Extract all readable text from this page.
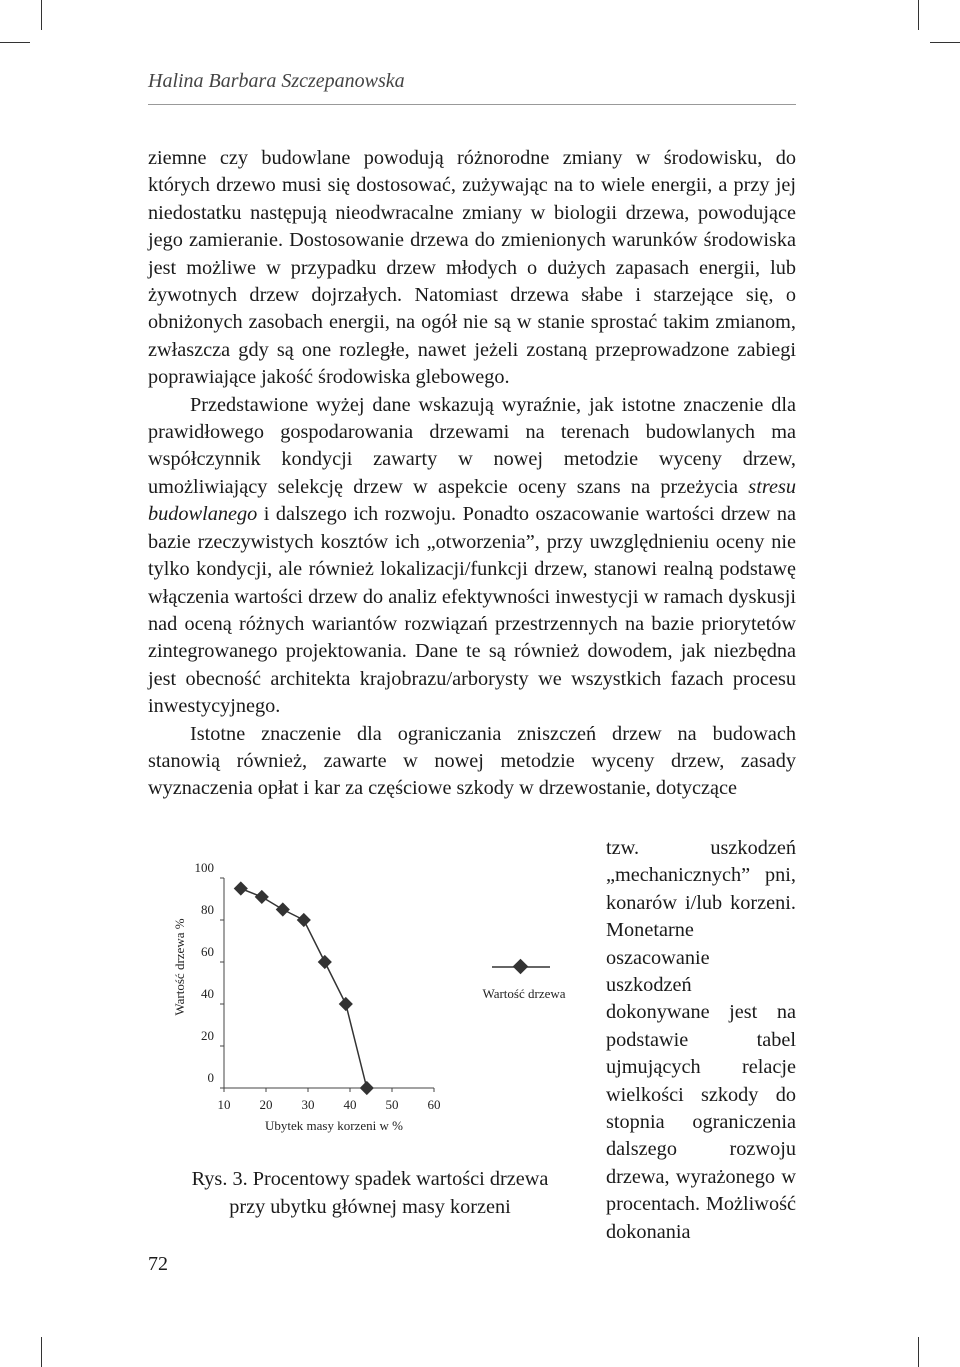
Halina Barbara Szczepanowska

ziemne czy budowlane powodują różnorodne zmiany w środowisku, do których drzewo musi się dostosować, zużywając na to wiele energii, a przy jej niedostatku następują nieodwracalne zmiany w biologii drzewa, powodujące jego zamieranie. Dostosowanie drzewa do zmienionych warunków środowiska jest możliwe w przypadku drzew młodych o dużych zapasach energii, lub żywotnych drzew dojrzałych. Natomiast drzewa słabe i starzejące się, o obniżonych zasobach energii, na ogół nie są w stanie sprostać takim zmianom, zwłaszcza gdy są one rozległe, nawet jeżeli zostaną przeprowadzone zabiegi poprawiające jakość środowiska glebowego.

Przedstawione wyżej dane wskazują wyraźnie, jak istotne znaczenie dla prawidłowego gospodarowania drzewami na terenach budowlanych ma współczynnik kondycji zawarty w nowej metodzie wyceny drzew, umożliwiający selekcję drzew w aspekcie oceny szans na przeżycia stresu budowlanego i dalszego ich rozwoju. Ponadto oszacowanie wartości drzew na bazie rzeczywistych kosztów ich „otworzenia”, przy uwzględnieniu oceny nie tylko kondycji, ale również lokalizacji/funkcji drzew, stanowi realną podstawę włączenia wartości drzew do analiz efektywności inwestycji w ramach dyskusji nad oceną różnych wariantów rozwiązań przestrzennych na bazie priorytetów zintegrowanego projektowania. Dane te są również dowodem, jak niezbędna jest obecność architekta krajobrazu/arborysty we wszystkich fazach procesu inwestycyjnego.

Istotne znaczenie dla ograniczania zniszczeń drzew na budowach stanowią również, zawarte w nowej metodzie wyceny drzew, zasady wyznaczenia opłat i kar za częściowe szkody w drzewostanie, dotyczące

tzw. uszkodzeń „mechanicznych” pni, konarów i/lub korzeni. Monetarne oszacowanie uszkodzeń dokonywane jest na podstawie tabel ujmujących relacje wielkości szkody do stopnia ograniczenia dalszego rozwoju drzewa, wyrażonego w procentach. Możliwość dokonania

Wartość drzewa %
0
20
40
60
80
100
10 20 30 40 50 60
Ubytek masy korzeni w %
Wartość drzewa
Rys. 3. Procentowy spadek wartości drzewa
przy ubytku głównej masy korzeni
72
